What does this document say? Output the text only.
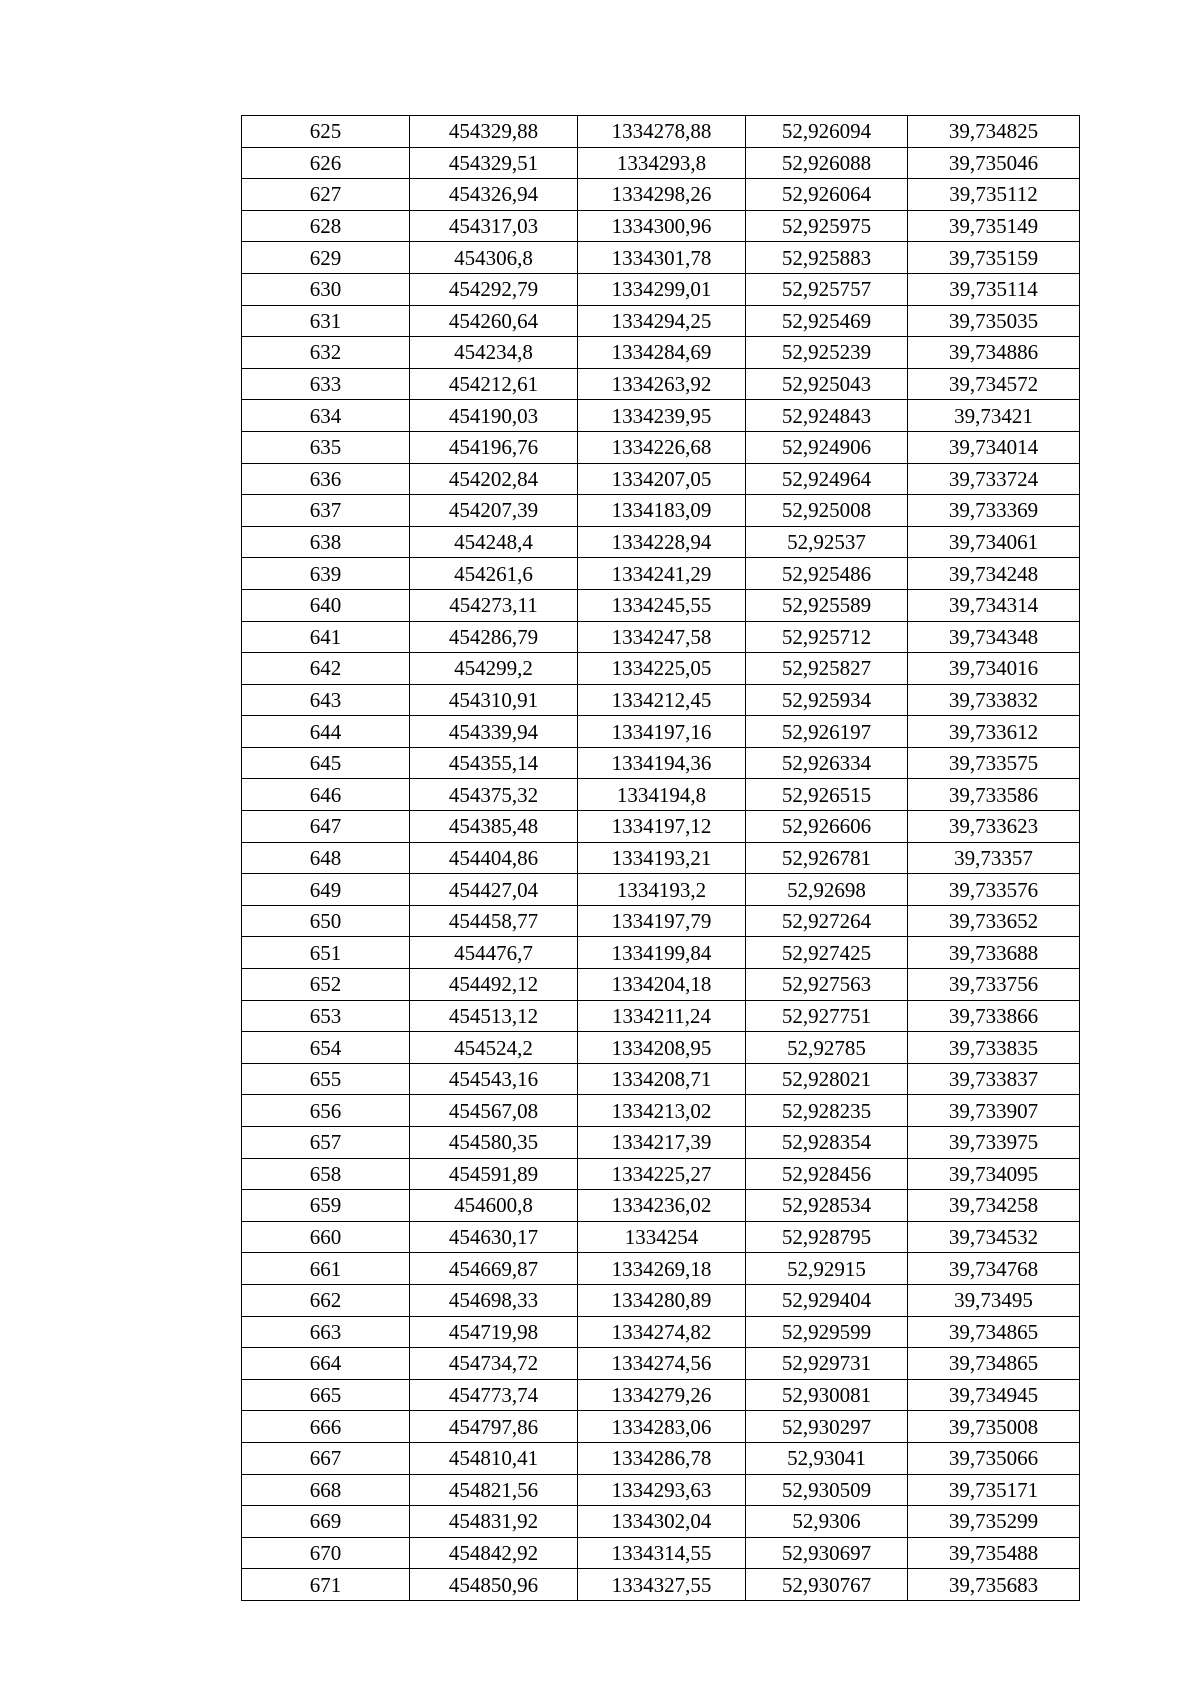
625	454329,88	1334278,88	52,926094	39,734825
626	454329,51	1334293,8	52,926088	39,735046
627	454326,94	1334298,26	52,926064	39,735112
628	454317,03	1334300,96	52,925975	39,735149
629	454306,8	1334301,78	52,925883	39,735159
630	454292,79	1334299,01	52,925757	39,735114
631	454260,64	1334294,25	52,925469	39,735035
632	454234,8	1334284,69	52,925239	39,734886
633	454212,61	1334263,92	52,925043	39,734572
634	454190,03	1334239,95	52,924843	39,73421
635	454196,76	1334226,68	52,924906	39,734014
636	454202,84	1334207,05	52,924964	39,733724
637	454207,39	1334183,09	52,925008	39,733369
638	454248,4	1334228,94	52,92537	39,734061
639	454261,6	1334241,29	52,925486	39,734248
640	454273,11	1334245,55	52,925589	39,734314
641	454286,79	1334247,58	52,925712	39,734348
642	454299,2	1334225,05	52,925827	39,734016
643	454310,91	1334212,45	52,925934	39,733832
644	454339,94	1334197,16	52,926197	39,733612
645	454355,14	1334194,36	52,926334	39,733575
646	454375,32	1334194,8	52,926515	39,733586
647	454385,48	1334197,12	52,926606	39,733623
648	454404,86	1334193,21	52,926781	39,73357
649	454427,04	1334193,2	52,92698	39,733576
650	454458,77	1334197,79	52,927264	39,733652
651	454476,7	1334199,84	52,927425	39,733688
652	454492,12	1334204,18	52,927563	39,733756
653	454513,12	1334211,24	52,927751	39,733866
654	454524,2	1334208,95	52,92785	39,733835
655	454543,16	1334208,71	52,928021	39,733837
656	454567,08	1334213,02	52,928235	39,733907
657	454580,35	1334217,39	52,928354	39,733975
658	454591,89	1334225,27	52,928456	39,734095
659	454600,8	1334236,02	52,928534	39,734258
660	454630,17	1334254	52,928795	39,734532
661	454669,87	1334269,18	52,92915	39,734768
662	454698,33	1334280,89	52,929404	39,73495
663	454719,98	1334274,82	52,929599	39,734865
664	454734,72	1334274,56	52,929731	39,734865
665	454773,74	1334279,26	52,930081	39,734945
666	454797,86	1334283,06	52,930297	39,735008
667	454810,41	1334286,78	52,93041	39,735066
668	454821,56	1334293,63	52,930509	39,735171
669	454831,92	1334302,04	52,9306	39,735299
670	454842,92	1334314,55	52,930697	39,735488
671	454850,96	1334327,55	52,930767	39,735683
